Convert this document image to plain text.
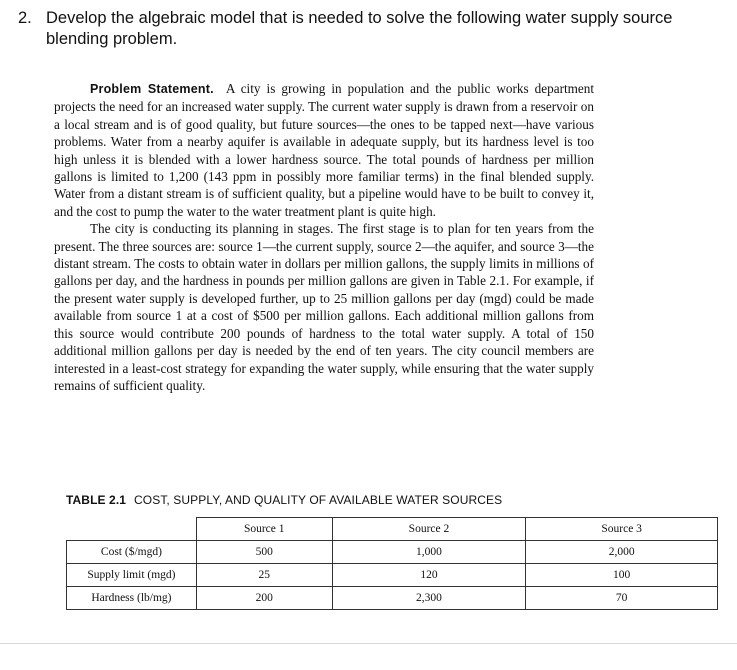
2. Develop the algebraic model that is needed to solve the following water supply source
blending problem.

Problem Statement. A city is growing in population and the public works department projects the need for an increased water supply. The current water supply is drawn from a reservoir on a local stream and is of good quality, but future sources—the ones to be tapped next—have various problems. Water from a nearby aquifer is available in adequate supply, but its hardness level is too high unless it is blended with a lower hardness source. The total pounds of hardness per million gallons is limited to 1,200 (143 ppm in possibly more familiar terms) in the final blended supply. Water from a distant stream is of sufficient quality, but a pipeline would have to be built to convey it, and the cost to pump the water to the water treatment plant is quite high.

The city is conducting its planning in stages. The first stage is to plan for ten years from the present. The three sources are: source 1—the current supply, source 2—the aquifer, and source 3—the distant stream. The costs to obtain water in dollars per million gallons, the supply limits in millions of gallons per day, and the hardness in pounds per million gallons are given in Table 2.1. For example, if the present water supply is developed further, up to 25 million gallons per day (mgd) could be made available from source 1 at a cost of $500 per million gallons. Each additional million gallons from this source would contribute 200 pounds of hardness to the total water supply. A total of 150 additional million gallons per day is needed by the end of ten years. The city council members are interested in a least-cost strategy for expanding the water supply, while ensuring that the water supply remains of sufficient quality.

TABLE 2.1 COST, SUPPLY, AND QUALITY OF AVAILABLE WATER SOURCES
	Source 1	Source 2	Source 3
Cost ($/mgd)	500	1,000	2,000
Supply limit (mgd)	25	120	100
Hardness (lb/mg)	200	2,300	70
